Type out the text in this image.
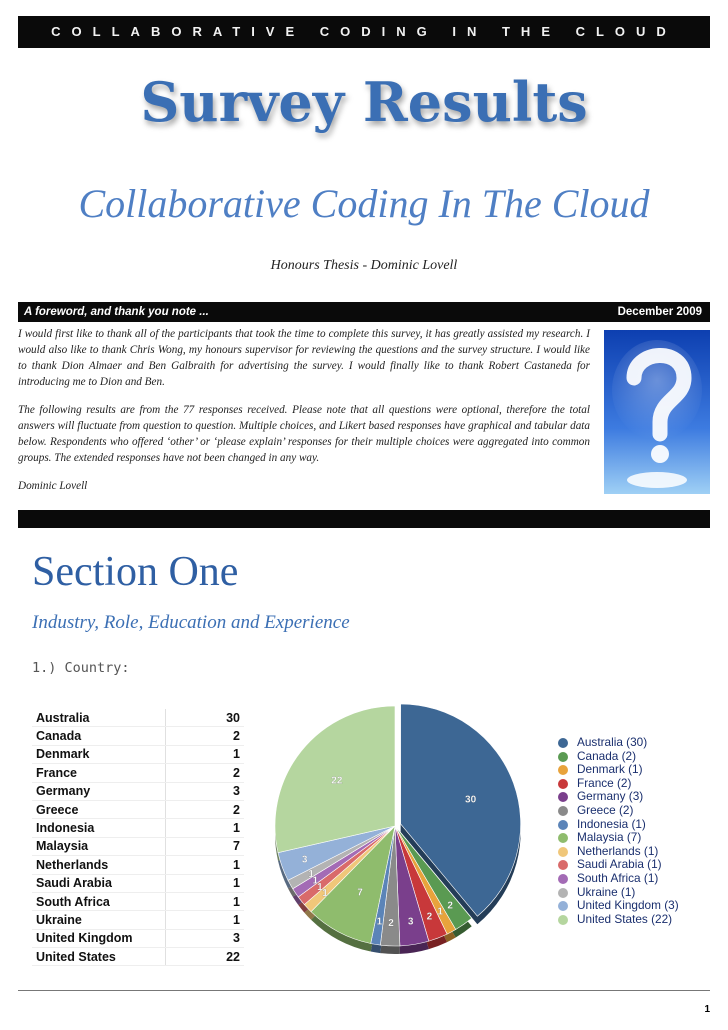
COLLABORATIVE CODING IN THE CLOUD
Survey Results
Collaborative Coding In The Cloud
Honours Thesis - Dominic Lovell
A foreword, and thank you note ...	December 2009

I would first like to thank all of the participants that took the time to complete this survey, it has greatly assisted my research. I would also like to thank Chris Wong, my honours supervisor for reviewing the questions and the survey structure. I would like to thank Dion Almaer and Ben Galbraith for advertising the survey. I would finally like to thank Robert Castaneda for introducing me to Dion and Ben.

The following results are from the 77 responses received. Please note that all questions were optional, therefore the total answers will fluctuate from question to question. Multiple choices, and Likert based responses have graphical and tabular data below. Respondents who offered ‘other’ or ‘please explain’ responses for their multiple choices were aggregated into common groups. The extended responses have not been changed in any way.

Dominic Lovell

Section One
Industry, Role, Education and Experience
1.) Country:
Australia	30
Canada	2
Denmark	1
France	2
Germany	3
Greece	2
Indonesia	1
Malaysia	7
Netherlands	1
Saudi Arabia	1
South Africa	1
Ukraine	1
United Kingdom	3
United States	22
30
2
1
2
3
2
1
7
1
1
1
1
3
22
Australia (30)
Canada (2)
Denmark (1)
France (2)
Germany (3)
Greece (2)
Indonesia (1)
Malaysia (7)
Netherlands (1)
Saudi Arabia (1)
South Africa (1)
Ukraine (1)
United Kingdom (3)
United States (22)
1
